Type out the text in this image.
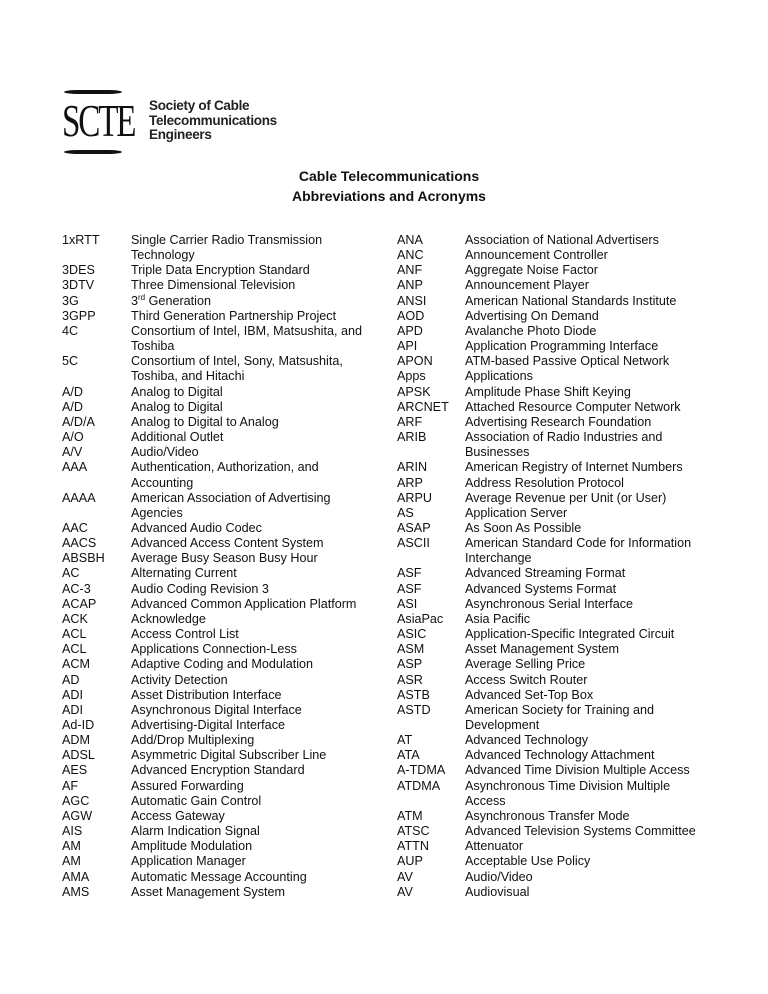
SCTE Society of Cable
Telecommunications
Engineers
Cable Telecommunications
Abbreviations and Acronyms
1xRTT	Single Carrier Radio Transmission
Technology
3DES	Triple Data Encryption Standard
3DTV	Three Dimensional Television
3G	3rd Generation
3GPP	Third Generation Partnership Project
4C	Consortium of Intel, IBM, Matsushita, and
Toshiba
5C	Consortium of Intel, Sony, Matsushita,
Toshiba, and Hitachi
A/D	Analog to Digital
A/D	Analog to Digital
A/D/A	Analog to Digital to Analog
A/O	Additional Outlet
A/V	Audio/Video
AAA	Authentication, Authorization, and
Accounting
AAAA	American Association of Advertising
Agencies
AAC	Advanced Audio Codec
AACS	Advanced Access Content System
ABSBH	Average Busy Season Busy Hour
AC	Alternating Current
AC-3	Audio Coding Revision 3
ACAP	Advanced Common Application Platform
ACK	Acknowledge
ACL	Access Control List
ACL	Applications Connection-Less
ACM	Adaptive Coding and Modulation
AD	Activity Detection
ADI	Asset Distribution Interface
ADI	Asynchronous Digital Interface
Ad-ID	Advertising-Digital Interface
ADM	Add/Drop Multiplexing
ADSL	Asymmetric Digital Subscriber Line
AES	Advanced Encryption Standard
AF	Assured Forwarding
AGC	Automatic Gain Control
AGW	Access Gateway
AIS	Alarm Indication Signal
AM	Amplitude Modulation
AM	Application Manager
AMA	Automatic Message Accounting
AMS	Asset Management System
ANA	Association of National Advertisers
ANC	Announcement Controller
ANF	Aggregate Noise Factor
ANP	Announcement Player
ANSI	American National Standards Institute
AOD	Advertising On Demand
APD	Avalanche Photo Diode
API	Application Programming Interface
APON	ATM-based Passive Optical Network
Apps	Applications
APSK	Amplitude Phase Shift Keying
ARCNET	Attached Resource Computer Network
ARF	Advertising Research Foundation
ARIB	Association of Radio Industries and
Businesses
ARIN	American Registry of Internet Numbers
ARP	Address Resolution Protocol
ARPU	Average Revenue per Unit (or User)
AS	Application Server
ASAP	As Soon As Possible
ASCII	American Standard Code for Information
Interchange
ASF	Advanced Streaming Format
ASF	Advanced Systems Format
ASI	Asynchronous Serial Interface
AsiaPac	Asia Pacific
ASIC	Application-Specific Integrated Circuit
ASM	Asset Management System
ASP	Average Selling Price
ASR	Access Switch Router
ASTB	Advanced Set-Top Box
ASTD	American Society for Training and
Development
AT	Advanced Technology
ATA	Advanced Technology Attachment
A-TDMA	Advanced Time Division Multiple Access
ATDMA	Asynchronous Time Division Multiple
Access
ATM	Asynchronous Transfer Mode
ATSC	Advanced Television Systems Committee
ATTN	Attenuator
AUP	Acceptable Use Policy
AV	Audio/Video
AV	Audiovisual
